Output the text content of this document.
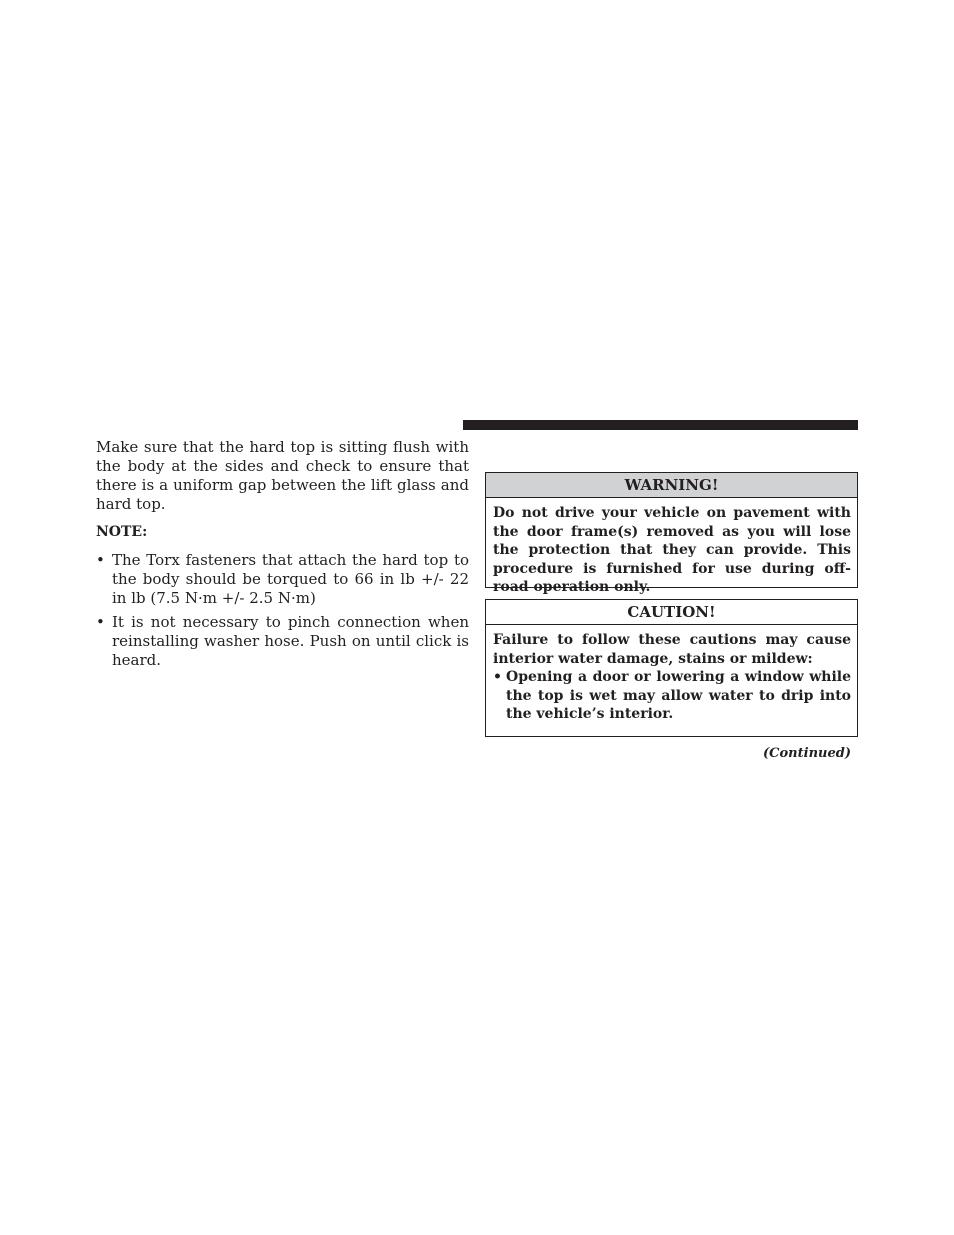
Make sure that the hard top is sitting flush with the body at the sides and check to ensure that there is a uniform gap between the lift glass and hard top.

NOTE:

• The Torx fasteners that attach the hard top to the body should be torqued to 66 in lb +/- 22 in lb (7.5 N·m +/- 2.5 N·m)
• It is not necessary to pinch connection when reinstalling washer hose. Push on until click is heard.
WARNING!

Do not drive your vehicle on pavement with the door frame(s) removed as you will lose the protection that they can provide. This procedure is furnished for use during off-road operation only.

CAUTION!

Failure to follow these cautions may cause interior water damage, stains or mildew:

• Opening a door or lowering a window while the top is wet may allow water to drip into the vehicle’s interior.

(Continued)
